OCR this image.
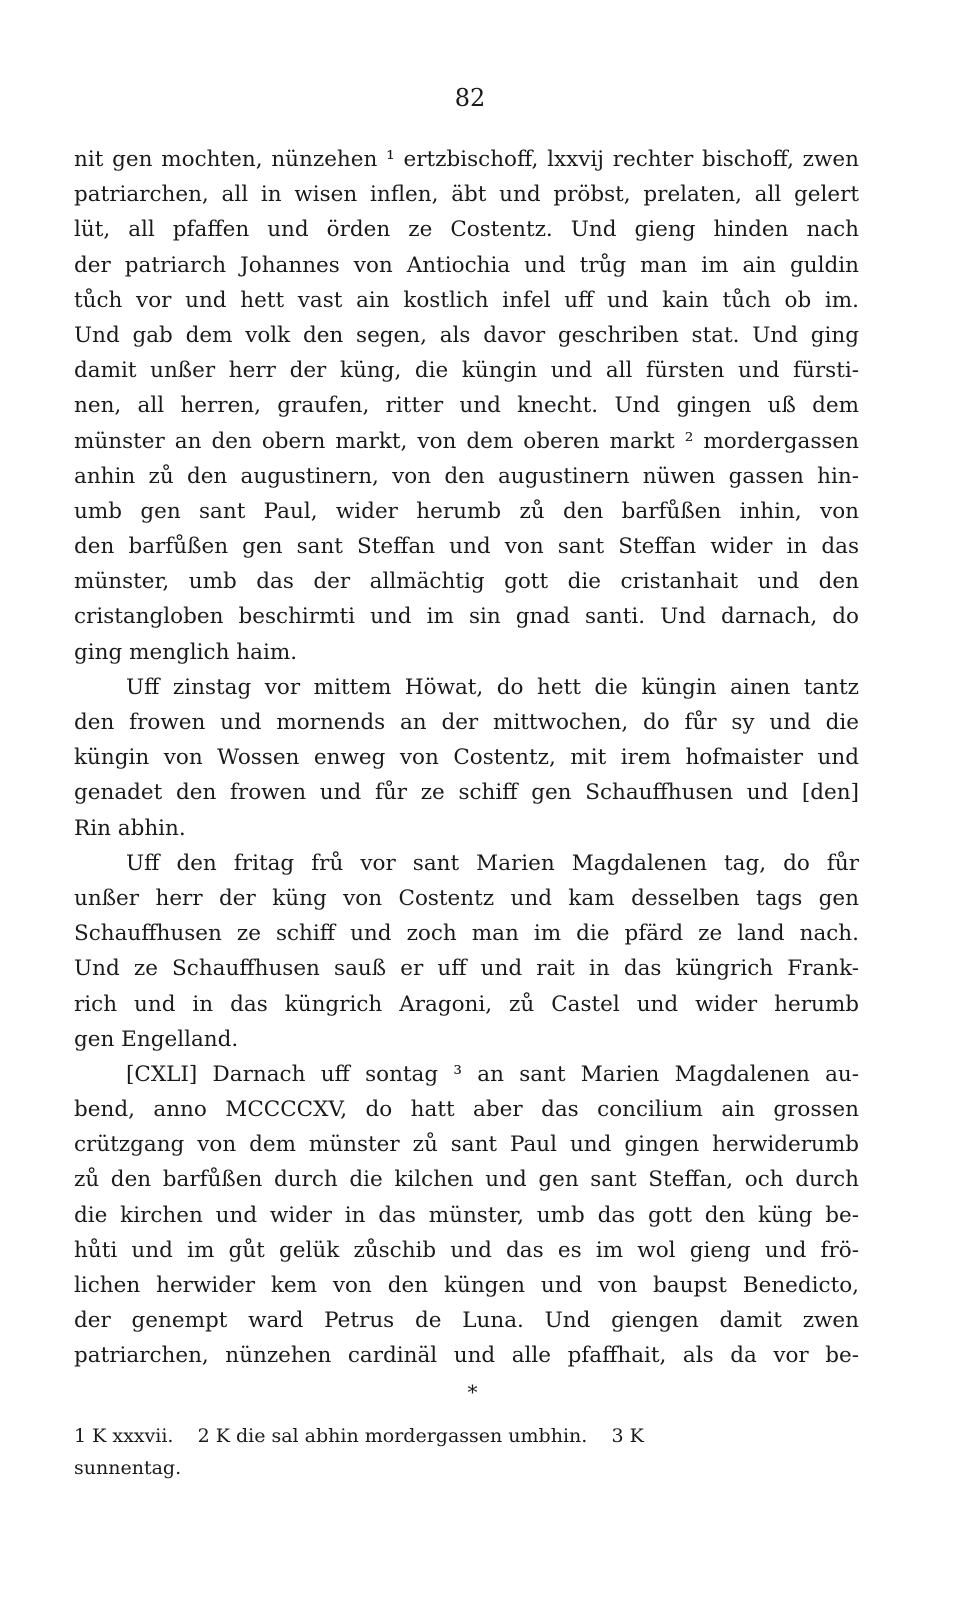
82
nit gen mochten, nünzehen ¹ ertzbischoff, lxxvij rechter bischoff, zwen
patriarchen, all in wisen inflen, äbt und pröbst, prelaten, all gelert
lüt, all pfaffen und örden ze Costentz. Und gieng hinden nach
der patriarch Johannes von Antiochia und trůg man im ain guldin
tůch vor und hett vast ain kostlich infel uff und kain tůch ob im.
Und gab dem volk den segen, als davor geschriben stat. Und ging
damit unßer herr der küng, die küngin und all fürsten und fürsti-
nen, all herren, graufen, ritter und knecht. Und gingen uß dem
münster an den obern markt, von dem oberen markt ² mordergassen
anhin zů den augustinern, von den augustinern nüwen gassen hin-
umb gen sant Paul, wider herumb zů den barfůßen inhin, von
den barfůßen gen sant Steffan und von sant Steffan wider in das
münster, umb das der allmächtig gott die cristanhait und den
cristangloben beschirmti und im sin gnad santi. Und darnach, do
ging menglich haim.
Uff zinstag vor mittem Höwat, do hett die küngin ainen tantz
den frowen und mornends an der mittwochen, do fůr sy und die
küngin von Wossen enweg von Costentz, mit irem hofmaister und
genadet den frowen und fůr ze schiff gen Schauffhusen und [den]
Rin abhin.
Uff den fritag frů vor sant Marien Magdalenen tag, do fůr
unßer herr der küng von Costentz und kam desselben tags gen
Schauffhusen ze schiff und zoch man im die pfärd ze land nach.
Und ze Schauffhusen sauß er uff und rait in das küngrich Frank-
rich und in das küngrich Aragoni, zů Castel und wider herumb
gen Engelland.
[CXLI] Darnach uff sontag ³ an sant Marien Magdalenen au-
bend, anno MCCCCXV, do hatt aber das concilium ain grossen
crützgang von dem münster zů sant Paul und gingen herwiderumb
zů den barfůßen durch die kilchen und gen sant Steffan, och durch
die kirchen und wider in das münster, umb das gott den küng be-
hůti und im gůt gelük zůschib und das es im wol gieng und frö-
lichen herwider kem von den küngen und von baupst Benedicto,
der genempt ward Petrus de Luna. Und giengen damit zwen
patriarchen, nünzehen cardinäl und alle pfaffhait, als da vor be-
*
1 K xxxvii.    2 K die sal abhin mordergassen umbhin.    3 K
sunnentag.
